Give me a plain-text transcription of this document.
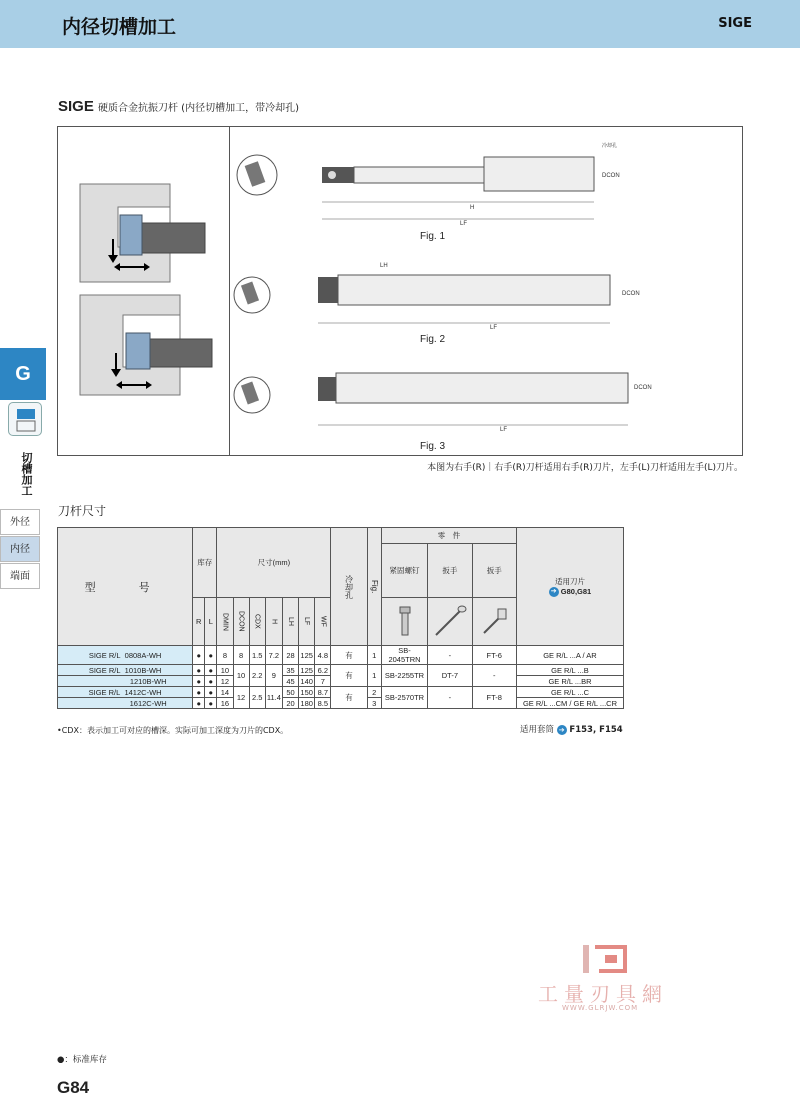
内径切槽加工	SIGE
SIGE 硬质合金抗振刀杆 (内径切槽加工，带冷却孔)
LF
H
DCON
冷却孔
LF
LH
DCON
LF
DCON
Fig. 1
Fig. 2
Fig. 3
本图为右手(R)｜右手(R)刀杆适用右手(R)刀片，左手(L)刀杆适用左手(L)刀片。
G
切槽加工
外径
内径
端面
刀杆尺寸
型　号	库存		尺寸(mm)							冷却孔	Fig.	零　件			适用刀片
➔ G80,G81

												紧固螺钉	扳手	扳手	
	R	L	DMIN	DCON	CDX	H	LH	LF	WF			
SIGE R/L 0808A-WH	●	●	8	8	1.5	7.2	28	125	4.8	有	1	SB-2045TRN	-	FT-6	GE R/L ...A / AR
SIGE R/L 1010B-WH	●	●	10	10	2.2	9	35	125	6.2	有	1	SB-2255TR	DT-7	-	GE R/L ...B
1210B-WH	●	●	12				45	140	7						GE R/L ...BR
SIGE R/L 1412C-WH	●	●	14	12	2.5	11.4	50	150	8.7	有	2	SB-2570TR	-	FT-8	GE R/L ...C
1612C-WH	●	●	16				20	180	8.5		3				GE R/L ...CM / GE R/L ...CR
•CDX：表示加工可对应的槽深。实际可加工深度为刀片的CDX。	适用套筒 ➔ F153, F154
工量刃具網
WWW.GLRJW.COM
●：标准库存
G84
